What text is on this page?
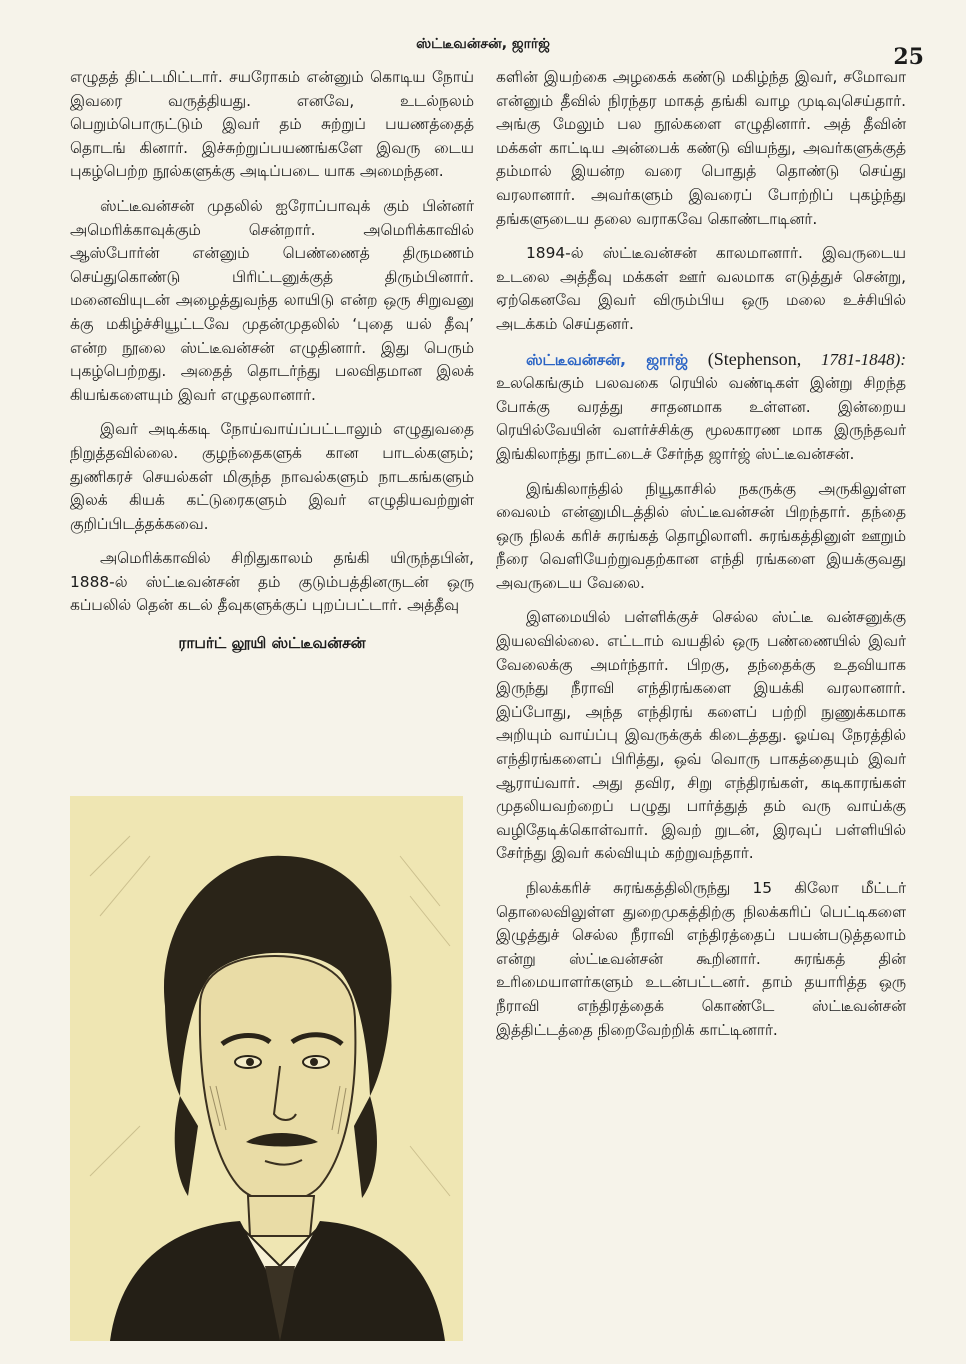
ஸ்ட்டீவன்சன், ஜார்ஜ்	25

எழுதத் திட்டமிட்டார். சயரோகம் என்னும் கொடிய நோய் இவரை வருத்தியது. எனவே, உடல்நலம் பெறும்பொருட்டும் இவர் தம் சுற்றுப் பயணத்தைத் தொடங் கினார். இச்சுற்றுப்பயணங்களே இவரு டைய புகழ்பெற்ற நூல்களுக்கு அடிப்படை யாக அமைந்தன.

ஸ்ட்டீவன்சன் முதலில் ஐரோப்பாவுக் கும் பின்னர் அமெரிக்காவுக்கும் சென்றார். அமெரிக்காவில் ஆஸ்போர்ன் என்னும் பெண்ணைத் திருமணம் செய்துகொண்டு பிரிட்டனுக்குத் திரும்பினார். மனைவியுடன் அழைத்துவந்த லாயிடு என்ற ஒரு சிறுவனு க்கு மகிழ்ச்சியூட்டவே முதன்முதலில் ‘புதை யல் தீவு’ என்ற நூலை ஸ்ட்டீவன்சன் எழுதினார். இது பெரும் புகழ்பெற்றது. அதைத் தொடர்ந்து பலவிதமான இலக் கியங்களையும் இவர் எழுதலானார்.

இவர் அடிக்கடி நோய்வாய்ப்பட்டாலும் எழுதுவதை நிறுத்தவில்லை. குழந்தைகளுக் கான பாடல்களும்; துணிகரச் செயல்கள் மிகுந்த நாவல்களும் நாடகங்களும் இலக் கியக் கட்டுரைகளும் இவர் எழுதியவற்றுள் குறிப்பிடத்தக்கவை.

அமெரிக்காவில் சிறிதுகாலம் தங்கி யிருந்தபின், 1888-ல் ஸ்ட்டீவன்சன் தம் குடும்பத்தினருடன் ஒரு கப்பலில் தென் கடல் தீவுகளுக்குப் புறப்பட்டார். அத்தீவு

ராபர்ட் லூயி ஸ்ட்டீவன்சன்

களின் இயற்கை அழகைக் கண்டு மகிழ்ந்த இவர், சமோவா என்னும் தீவில் நிரந்தர மாகத் தங்கி வாழ முடிவுசெய்தார். அங்கு மேலும் பல நூல்களை எழுதினார். அத் தீவின் மக்கள் காட்டிய அன்பைக் கண்டு வியந்து, அவர்களுக்குத் தம்மால் இயன்ற வரை பொதுத் தொண்டு செய்து வரலானார். அவர்களும் இவரைப் போற்றிப் புகழ்ந்து தங்களுடைய தலை வராகவே கொண்டாடினர்.

1894-ல் ஸ்ட்டீவன்சன் காலமானார். இவருடைய உடலை அத்தீவு மக்கள் ஊர் வலமாக எடுத்துச் சென்று, ஏற்கெனவே இவர் விரும்பிய ஒரு மலை உச்சியில் அடக்கம் செய்தனர்.

ஸ்ட்டீவன்சன், ஜார்ஜ் (Stephenson, 1781-1848): உலகெங்கும் பலவகை ரெயில் வண்டிகள் இன்று சிறந்த போக்கு வரத்து சாதனமாக உள்ளன. இன்றைய ரெயில்வேயின் வளர்ச்சிக்கு மூலகாரண மாக இருந்தவர் இங்கிலாந்து நாட்டைச் சேர்ந்த ஜார்ஜ் ஸ்ட்டீவன்சன்.

இங்கிலாந்தில் நியூகாசில் நகருக்கு அருகிலுள்ள வைலம் என்னுமிடத்தில் ஸ்ட்டீவன்சன் பிறந்தார். தந்தை ஒரு நிலக் கரிச் சுரங்கத் தொழிலாளி. சுரங்கத்தினுள் ஊறும் நீரை வெளியேற்றுவதற்கான எந்தி ரங்களை இயக்குவது அவருடைய வேலை.

இளமையில் பள்ளிக்குச் செல்ல ஸ்ட்டீ வன்சனுக்கு இயலவில்லை. எட்டாம் வயதில் ஒரு பண்ணையில் இவர் வேலைக்கு அமர்ந்தார். பிறகு, தந்தைக்கு உதவியாக இருந்து நீராவி எந்திரங்களை இயக்கி வரலானார். இப்போது, அந்த எந்திரங் களைப் பற்றி நுணுக்கமாக அறியும் வாய்ப்பு இவருக்குக் கிடைத்தது. ஓய்வு நேரத்தில் எந்திரங்களைப் பிரித்து, ஒவ் வொரு பாகத்தையும் இவர் ஆராய்வார். அது தவிர, சிறு எந்திரங்கள், கடிகாரங்கள் முதலியவற்றைப் பழுது பார்த்துத் தம் வரு வாய்க்கு வழிதேடிக்கொள்வார். இவற் றுடன், இரவுப் பள்ளியில் சேர்ந்து இவர் கல்வியும் கற்றுவந்தார்.

நிலக்கரிச் சுரங்கத்திலிருந்து 15 கிலோ மீட்டர் தொலைவிலுள்ள துறைமுகத்திற்கு நிலக்கரிப் பெட்டிகளை இழுத்துச் செல்ல நீராவி எந்திரத்தைப் பயன்படுத்தலாம் என்று ஸ்ட்டீவன்சன் கூறினார். சுரங்கத் தின் உரிமையாளர்களும் உடன்பட்டனர். தாம் தயாரித்த ஒரு நீராவி எந்திரத்தைக் கொண்டே ஸ்ட்டீவன்சன் இத்திட்டத்தை நிறைவேற்றிக் காட்டினார்.
